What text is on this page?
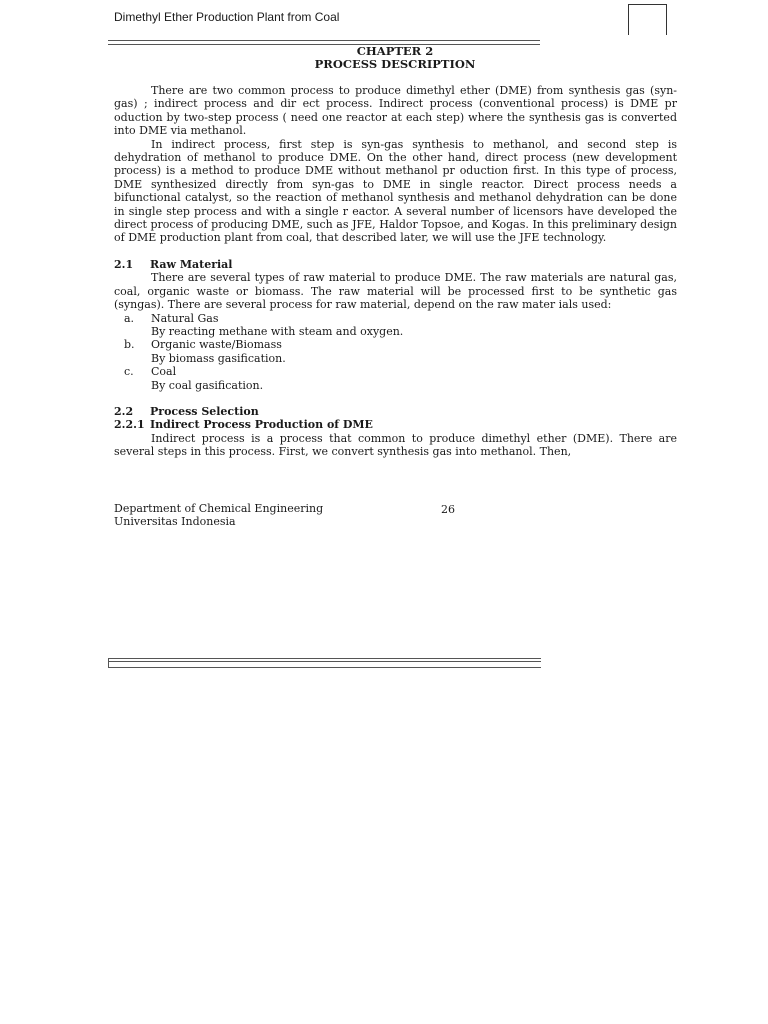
Dimethyl Ether Production Plant from Coal
CHAPTER 2
PROCESS DESCRIPTION

There are two common process to produce dimethyl ether (DME) from synthesis gas (syn-gas) ; indirect process and dir ect process. Indirect process (conventional process) is DME pr oduction by two-step process ( need one reactor at each step) where the synthesis gas is converted into DME via methanol.

In indirect process, first step is syn-gas synthesis to methanol, and second step is dehydration of methanol to produce DME. On the other hand, direct process (new development process) is a method to produce DME without methanol pr oduction first. In this type of process, DME synthesized directly from syn-gas to DME in single reactor. Direct process needs a bifunctional catalyst, so the reaction of methanol synthesis and methanol dehydration can be done in single step process and with a single r eactor. A several number of licensors have developed the direct process of producing DME, such as JFE, Haldor Topsoe, and Kogas. In this preliminary design of DME production plant from coal, that described later, we will use the JFE technology.

2.1 Raw Material

There are several types of raw material to produce DME. The raw materials are natural gas, coal, organic waste or biomass. The raw material will be processed first to be synthetic gas (syngas). There are several process for raw material, depend on the raw mater ials used:

a. Natural Gas
By reacting methane with steam and oxygen.
b. Organic waste/Biomass
By biomass gasification.
c. Coal
By coal gasification.

2.2 Process Selection

2.2.1 Indirect Process Production of DME

Indirect process is a process that common to produce dimethyl ether (DME). There are several steps in this process. First, we convert synthesis gas into methanol. Then,

Department of Chemical Engineering
Universitas Indonesia
26
